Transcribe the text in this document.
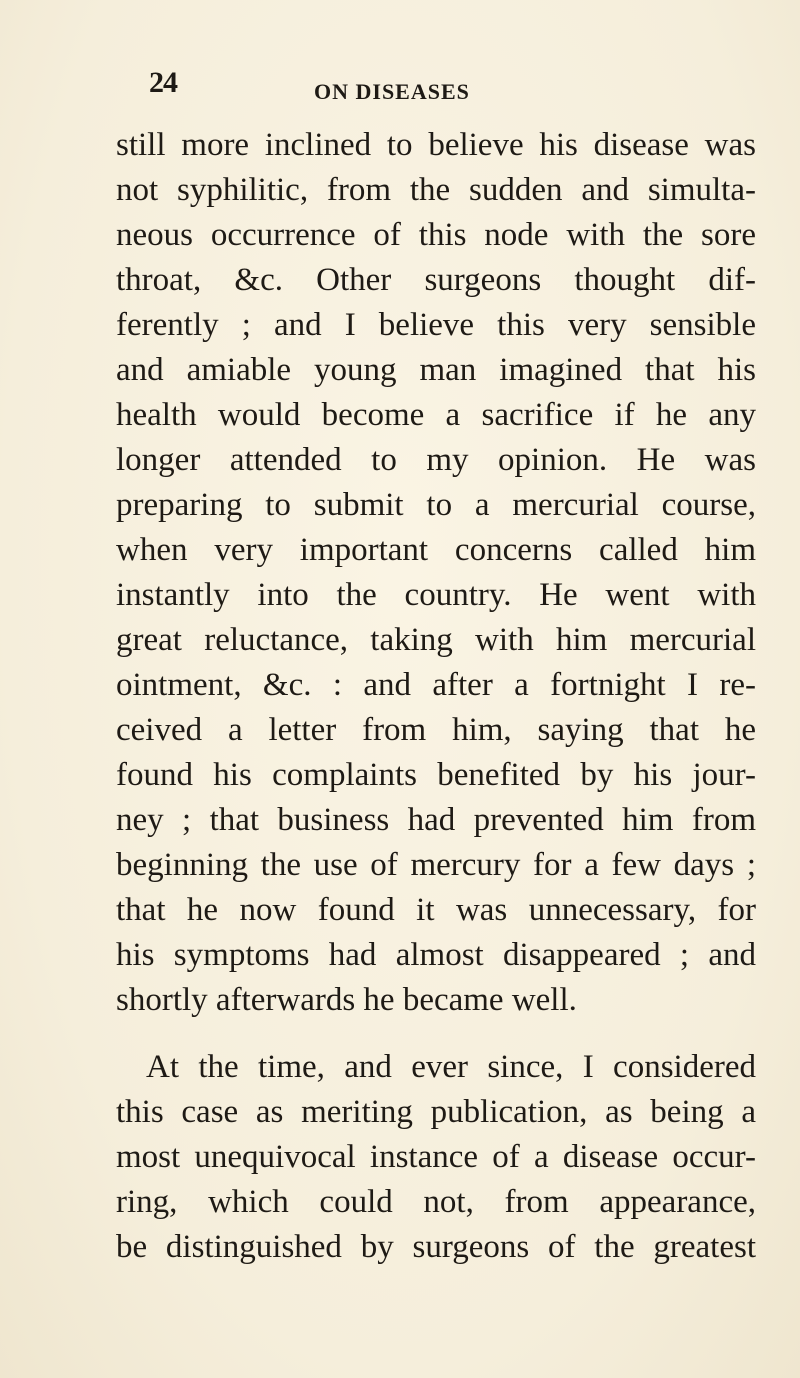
24	ON DISEASES
still more inclined to believe his disease was
not syphilitic, from the sudden and simulta-
neous occurrence of this node with the sore
throat, &c. Other surgeons thought dif-
ferently ; and I believe this very sensible
and amiable young man imagined that his
health would become a sacrifice if he any
longer attended to my opinion. He was
preparing to submit to a mercurial course,
when very important concerns called him
instantly into the country. He went with
great reluctance, taking with him mercurial
ointment, &c. : and after a fortnight I re-
ceived a letter from him, saying that he
found his complaints benefited by his jour-
ney ; that business had prevented him from
beginning the use of mercury for a few days ;
that he now found it was unnecessary, for
his symptoms had almost disappeared ; and
shortly afterwards he became well.
At the time, and ever since, I considered
this case as meriting publication, as being a
most unequivocal instance of a disease occur-
ring, which could not, from appearance,
be distinguished by surgeons of the greatest
